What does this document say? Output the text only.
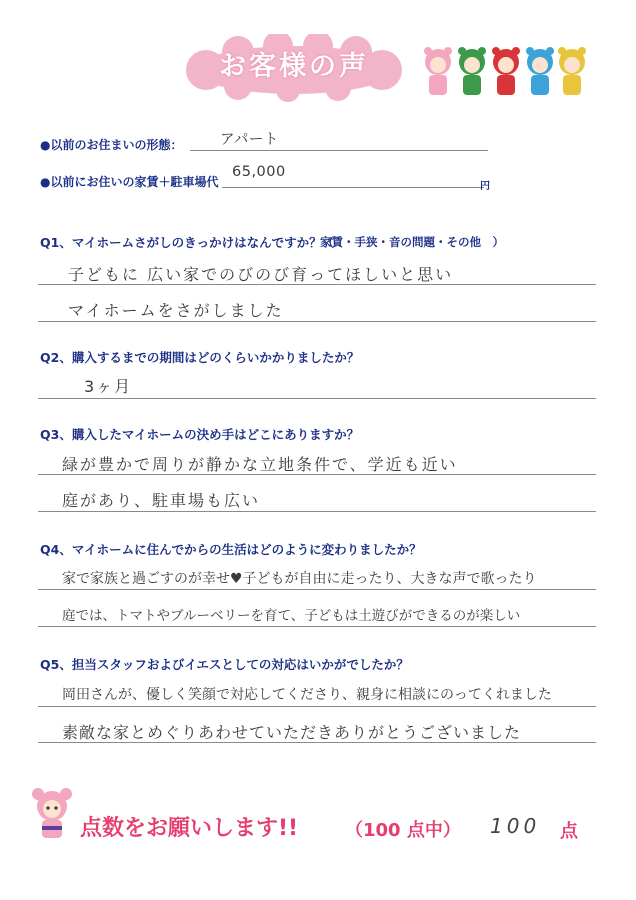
お客様の声
●以前のお住まいの形態：	アパート
●以前にお住いの家賃＋駐車場代
65,000
円
Q1、マイホームさがしのきっかけはなんですか？（
家賃・手狭・音の問題・その他　）
子どもに 広い家でのびのび育ってほしいと思い
マイホームをさがしました
Q2、購入するまでの期間はどのくらいかかりましたか？
3ヶ月
Q3、購入したマイホームの決め手はどこにありますか？
緑が豊かで周りが静かな立地条件で、学近も近い
庭があり、駐車場も広い
Q4、マイホームに住んでからの生活はどのように変わりましたか？
家で家族と過ごすのが幸せ♥子どもが自由に走ったり、大きな声で歌ったり
庭では、トマトやブルーベリーを育て、子どもは土遊びができるのが楽しい
Q5、担当スタッフおよびイエスとしての対応はいかがでしたか？
岡田さんが、優しく笑顔で対応してくださり、親身に相談にのってくれました
素敵な家とめぐりあわせていただきありがとうございました
点数をお願いします!!	（100 点中） 100 点
